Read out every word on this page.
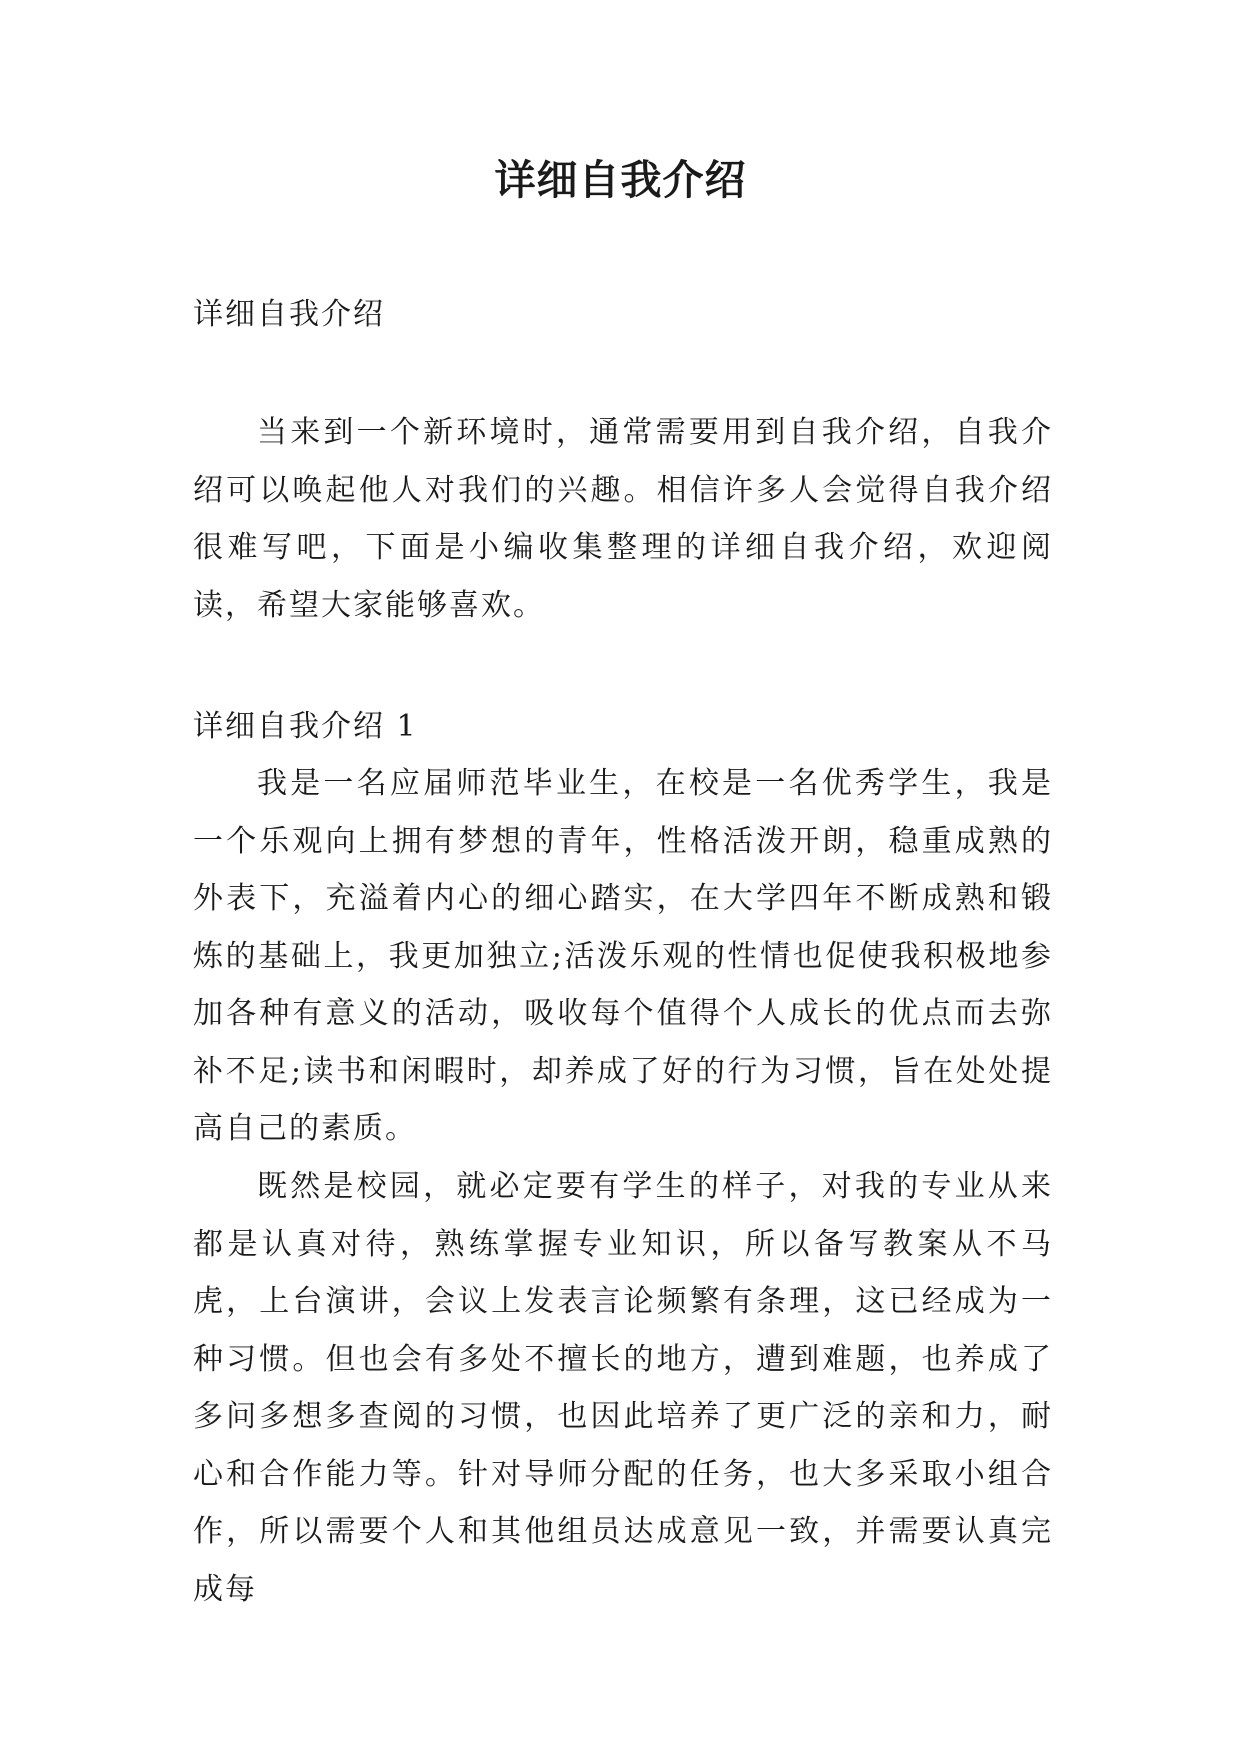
详细自我介绍

详细自我介绍

当来到一个新环境时，通常需要用到自我介绍，自我介绍可以唤起他人对我们的兴趣。相信许多人会觉得自我介绍很难写吧，下面是小编收集整理的详细自我介绍，欢迎阅读，希望大家能够喜欢。

详细自我介绍 1

我是一名应届师范毕业生，在校是一名优秀学生，我是一个乐观向上拥有梦想的青年，性格活泼开朗，稳重成熟的外表下，充溢着内心的细心踏实，在大学四年不断成熟和锻炼的基础上，我更加独立;活泼乐观的性情也促使我积极地参加各种有意义的活动，吸收每个值得个人成长的优点而去弥补不足;读书和闲暇时，却养成了好的行为习惯，旨在处处提高自己的素质。

既然是校园，就必定要有学生的样子，对我的专业从来都是认真对待，熟练掌握专业知识，所以备写教案从不马虎，上台演讲，会议上发表言论频繁有条理，这已经成为一种习惯。但也会有多处不擅长的地方，遭到难题，也养成了多问多想多查阅的习惯，也因此培养了更广泛的亲和力，耐心和合作能力等。针对导师分配的任务，也大多采取小组合作，所以需要个人和其他组员达成意见一致，并需要认真完成每
